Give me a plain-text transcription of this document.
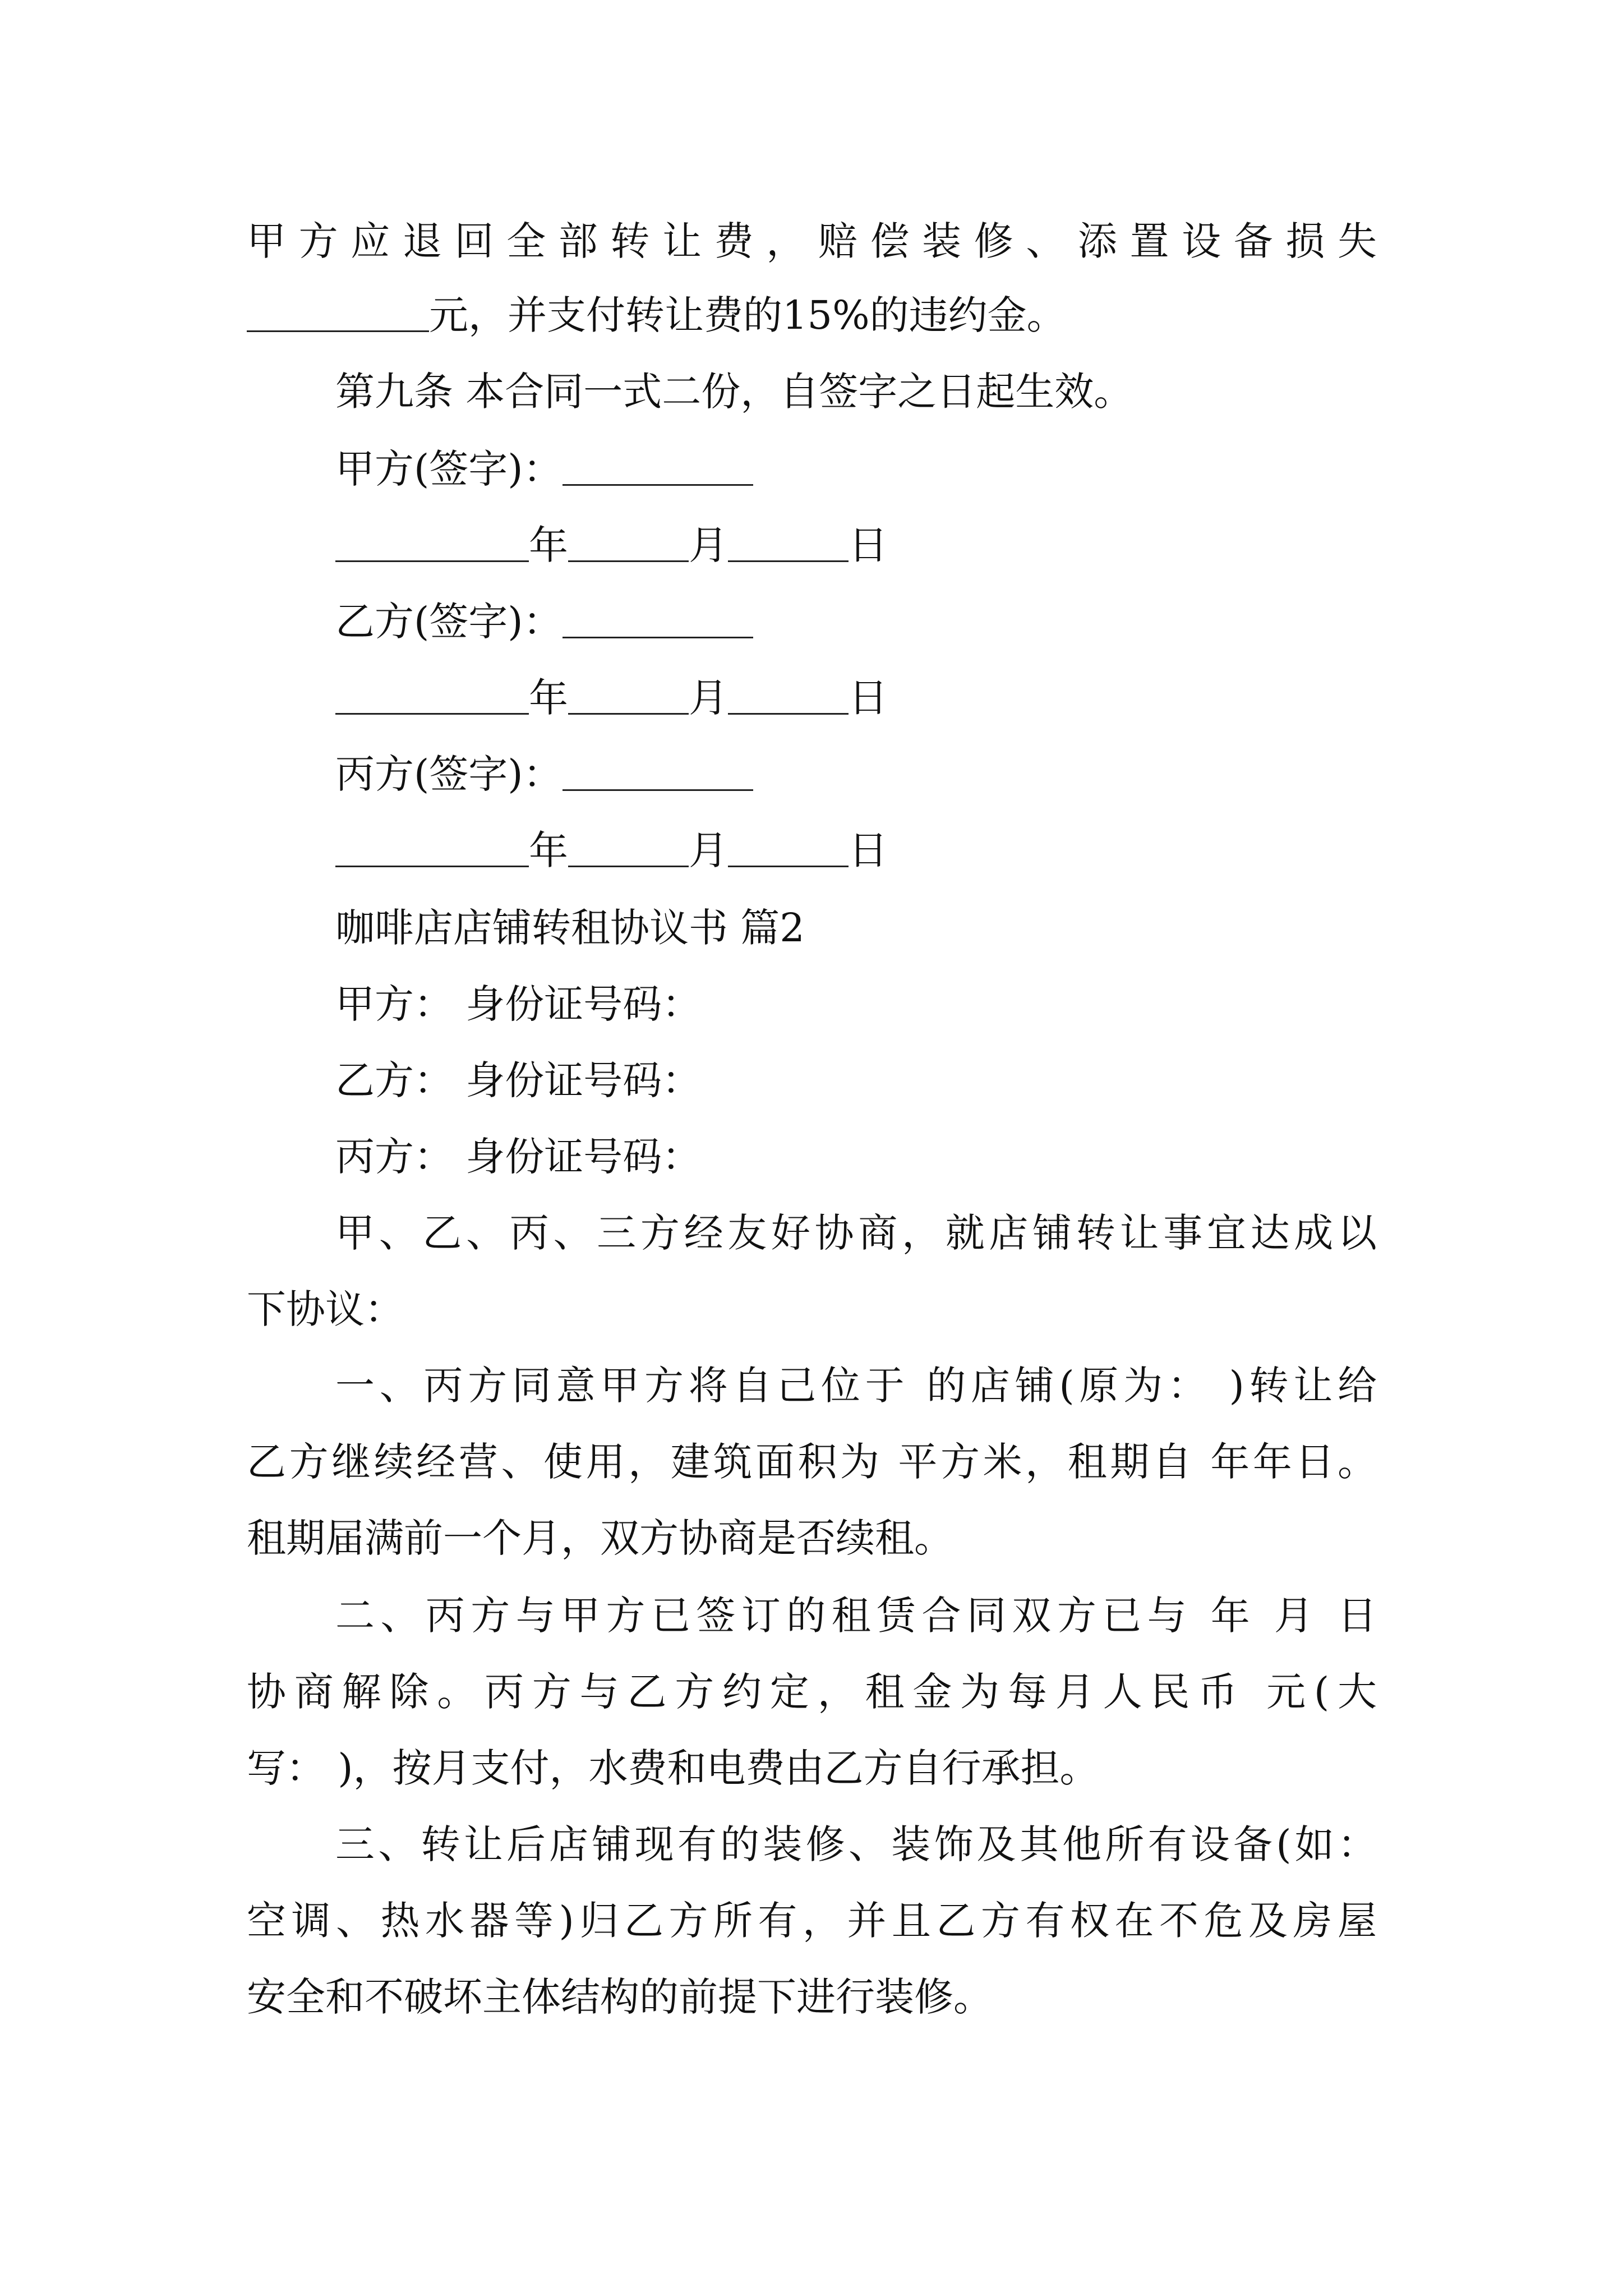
甲方应退回全部转让费，赔偿装修、添置设备损失
元，并支付转让费的15%的违约金。
第九条 本合同一式二份，自签字之日起生效。
甲方(签字)：
年	月	日
乙方(签字)：
年	月	日
丙方(签字)：
年	月	日
咖啡店店铺转租协议书 篇2
甲方： 身份证号码：
乙方： 身份证号码：
丙方： 身份证号码：
甲、乙、丙、三方经友好协商，就店铺转让事宜达成以
下协议：
一、丙方同意甲方将自己位于 的店铺(原为： )转让给
乙方继续经营、使用，建筑面积为 平方米，租期自 年年日。
租期届满前一个月，双方协商是否续租。
二、丙方与甲方已签订的租赁合同双方已与 年 月 日
协商解除。丙方与乙方约定，租金为每月人民币 元(大
写： )，按月支付，水费和电费由乙方自行承担。
三、转让后店铺现有的装修、装饰及其他所有设备(如：
空调、热水器等)归乙方所有，并且乙方有权在不危及房屋
安全和不破坏主体结构的前提下进行装修。
